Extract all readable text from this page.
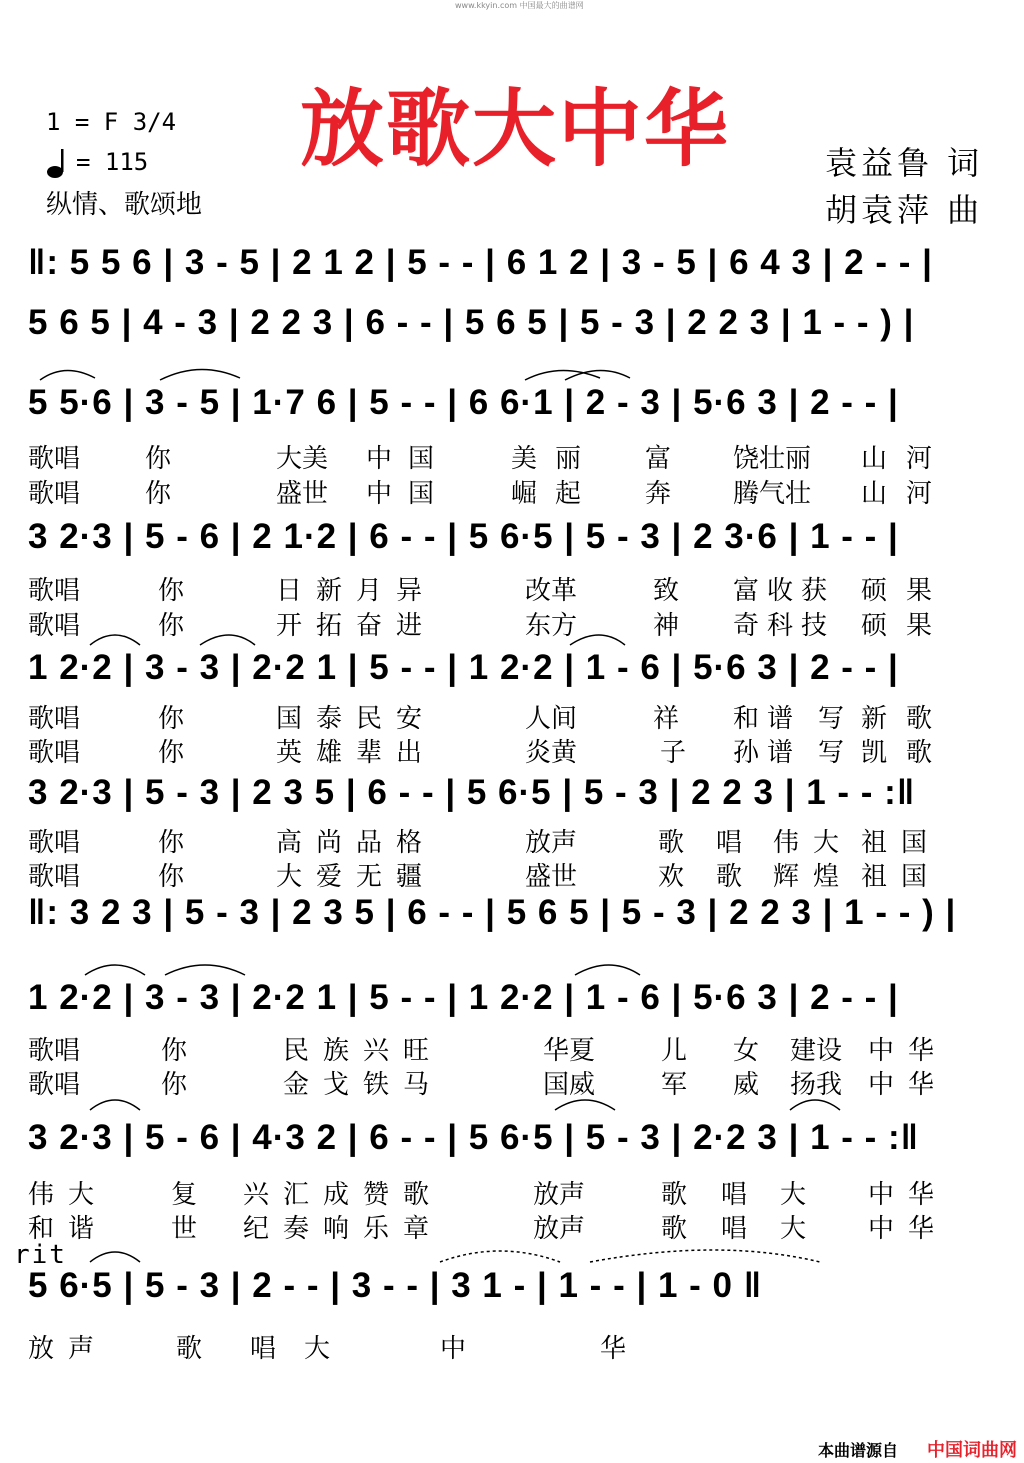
www.kkyin.com 中国最大的曲谱网
1 = F 3/4
= 115
纵情、歌颂地
放歌大中华	袁益鲁 词
胡袁萍 曲
‖: 5 5 6 | 3 - 5 | 2 1 2 | 5 - - | 6 1 2 | 3 - 5 | 6 4 3 | 2 - - |
5 6 5 | 4 - 3 | 2 2 3 | 6 - - | 5 6 5 | 5 - 3 | 2 2 3 | 1 - - ) |
5 5·6 | 3 - 5 | 1·7 6 | 5 - - | 6 6·1 | 2 - 3 | 5·6 3 | 2 - - |
歌唱 你	大美 中 国	美 丽 富 饶壮丽 山 河
歌唱 你	盛世 中 国	崛 起 奔 腾气壮 山 河
3 2·3 | 5 - 6 | 2 1·2 | 6 - - | 5 6·5 | 5 - 3 | 2 3·6 | 1 - - |
歌唱	你	日新月异	改革	致 富收获 硕 果
歌唱	你	开拓奋进	东方	神 奇科技 硕 果
1 2·2 | 3 - 3 | 2·2 1 | 5 - - | 1 2·2 | 1 - 6 | 5·6 3 | 2 - - |
歌唱	你	国泰民安	人间	祥 和谱 写 新 歌
歌唱	你	英雄辈出	炎黄	子 孙谱 写 凯 歌
3 2·3 | 5 - 3 | 2 3 5 | 6 - - | 5 6·5 | 5 - 3 | 2 2 3 | 1 - - :‖
歌唱	你	高尚品格	放声	歌 唱 伟大 祖国
歌唱	你	大爱无疆	盛世	欢 歌 辉煌 祖国
‖: 3 2 3 | 5 - 3 | 2 3 5 | 6 - - | 5 6 5 | 5 - 3 | 2 2 3 | 1 - - ) |
1 2·2 | 3 - 3 | 2·2 1 | 5 - - | 1 2·2 | 1 - 6 | 5·6 3 | 2 - - |
歌唱	你	民族兴旺	华夏	儿 女 建设 中华
歌唱	你	金戈铁马	国威	军 威 扬我 中华
3 2·3 | 5 - 6 | 4·3 2 | 6 - - | 5 6·5 | 5 - 3 | 2·2 3 | 1 - - :‖
伟大 复 兴汇成赞歌	放声	歌 唱 大 中华
和谐 世 纪奏响乐章	放声	歌 唱 大 中华
rit
5 6·5 | 5 - 3 | 2 - - | 3 - - | 3 1 - | 1 - - | 1 - 0 ‖
放声	歌 唱大	中	华
本曲谱源自 中国词曲网
